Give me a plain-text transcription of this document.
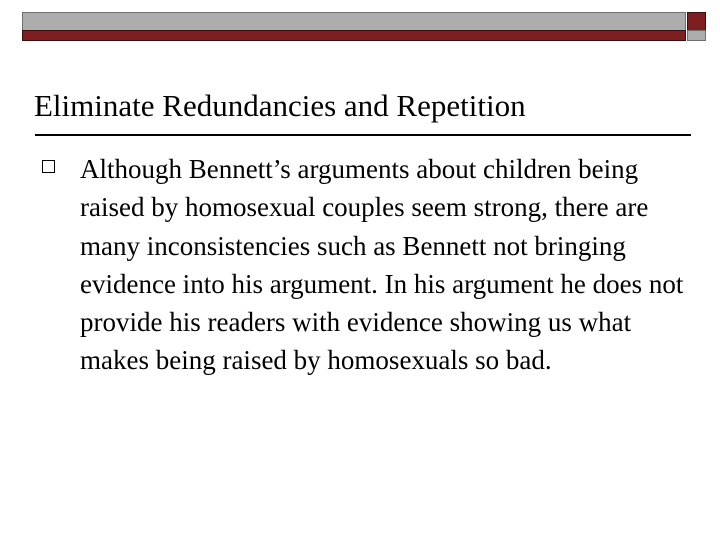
Eliminate Redundancies and Repetition
Although Bennett’s arguments about children being raised by homosexual couples seem strong, there are many inconsistencies such as Bennett not bringing evidence into his argument. In his argument he does not provide his readers with evidence showing us what makes being raised by homosexuals so bad.
